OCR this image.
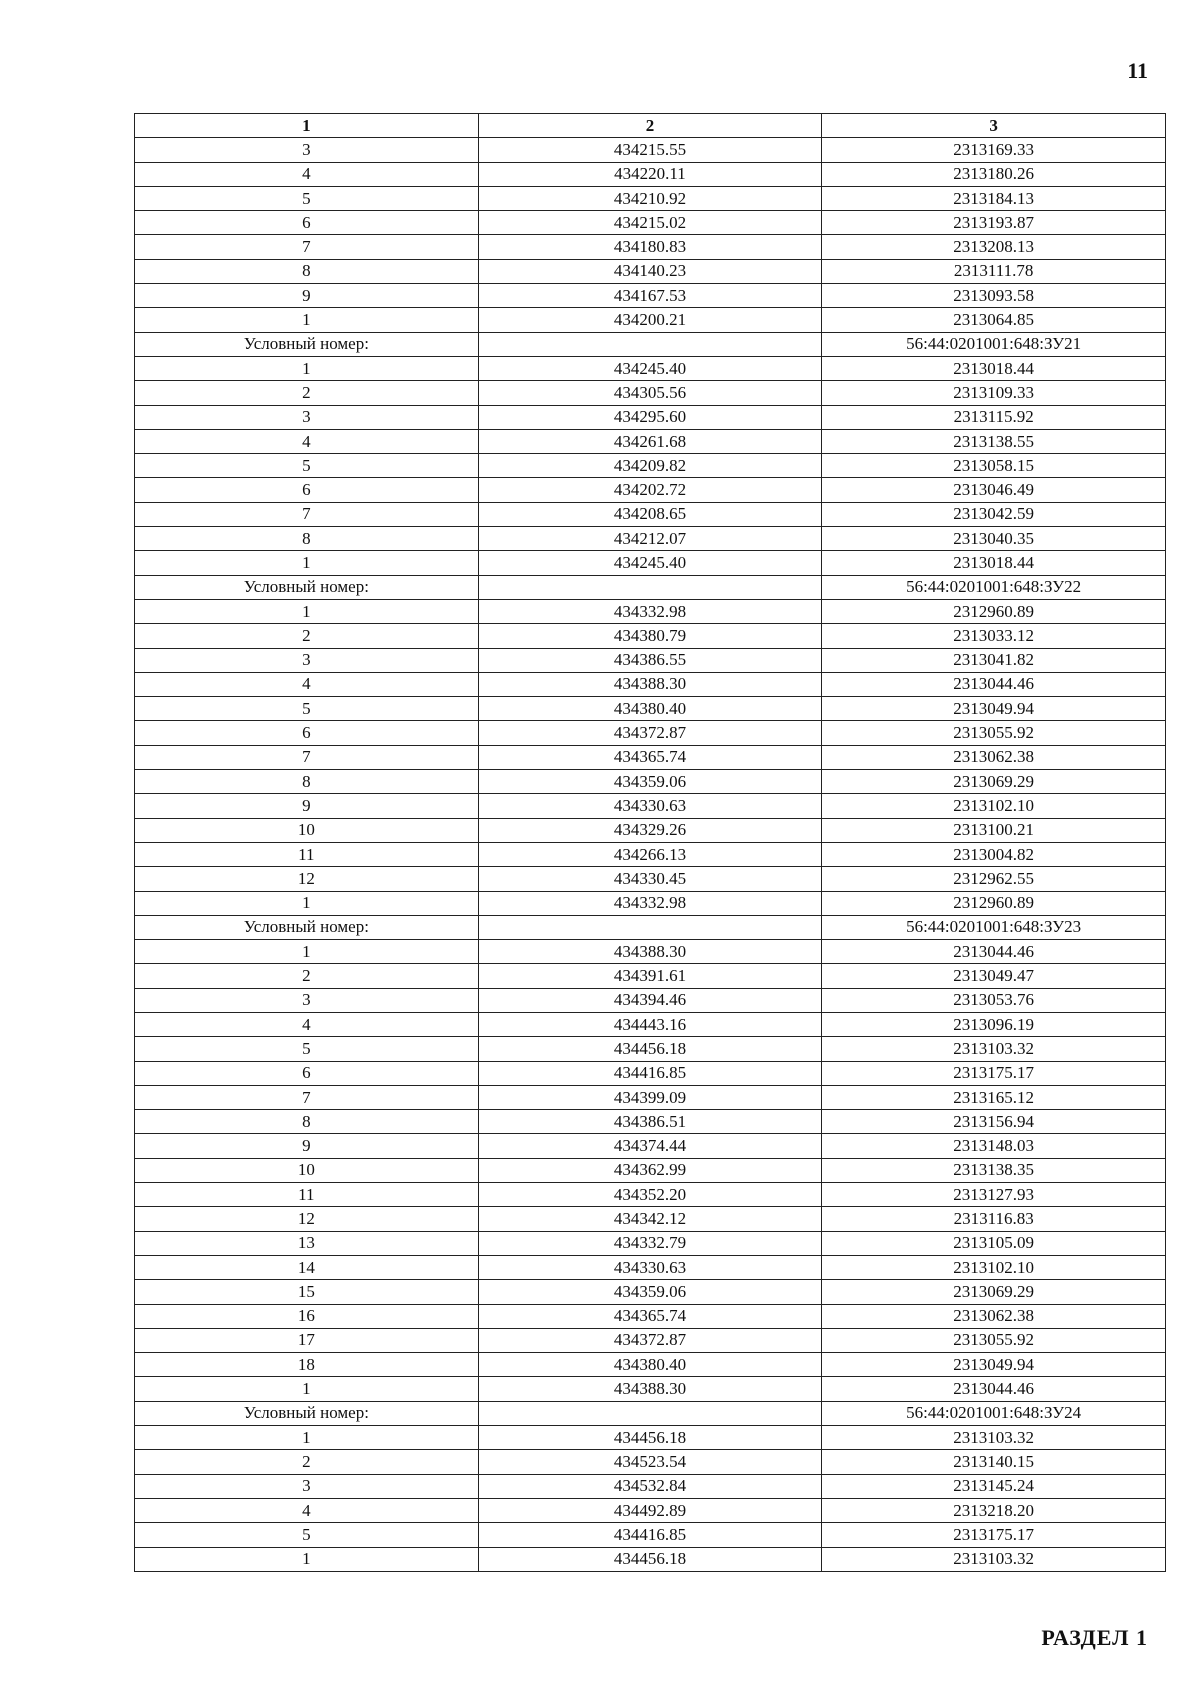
11
1	2	3
3	434215.55	2313169.33
4	434220.11	2313180.26
5	434210.92	2313184.13
6	434215.02	2313193.87
7	434180.83	2313208.13
8	434140.23	2313111.78
9	434167.53	2313093.58
1	434200.21	2313064.85
Условный номер:		56:44:0201001:648:ЗУ21
1	434245.40	2313018.44
2	434305.56	2313109.33
3	434295.60	2313115.92
4	434261.68	2313138.55
5	434209.82	2313058.15
6	434202.72	2313046.49
7	434208.65	2313042.59
8	434212.07	2313040.35
1	434245.40	2313018.44
Условный номер:		56:44:0201001:648:ЗУ22
1	434332.98	2312960.89
2	434380.79	2313033.12
3	434386.55	2313041.82
4	434388.30	2313044.46
5	434380.40	2313049.94
6	434372.87	2313055.92
7	434365.74	2313062.38
8	434359.06	2313069.29
9	434330.63	2313102.10
10	434329.26	2313100.21
11	434266.13	2313004.82
12	434330.45	2312962.55
1	434332.98	2312960.89
Условный номер:		56:44:0201001:648:ЗУ23
1	434388.30	2313044.46
2	434391.61	2313049.47
3	434394.46	2313053.76
4	434443.16	2313096.19
5	434456.18	2313103.32
6	434416.85	2313175.17
7	434399.09	2313165.12
8	434386.51	2313156.94
9	434374.44	2313148.03
10	434362.99	2313138.35
11	434352.20	2313127.93
12	434342.12	2313116.83
13	434332.79	2313105.09
14	434330.63	2313102.10
15	434359.06	2313069.29
16	434365.74	2313062.38
17	434372.87	2313055.92
18	434380.40	2313049.94
1	434388.30	2313044.46
Условный номер:		56:44:0201001:648:ЗУ24
1	434456.18	2313103.32
2	434523.54	2313140.15
3	434532.84	2313145.24
4	434492.89	2313218.20
5	434416.85	2313175.17
1	434456.18	2313103.32
РАЗДЕЛ 1
